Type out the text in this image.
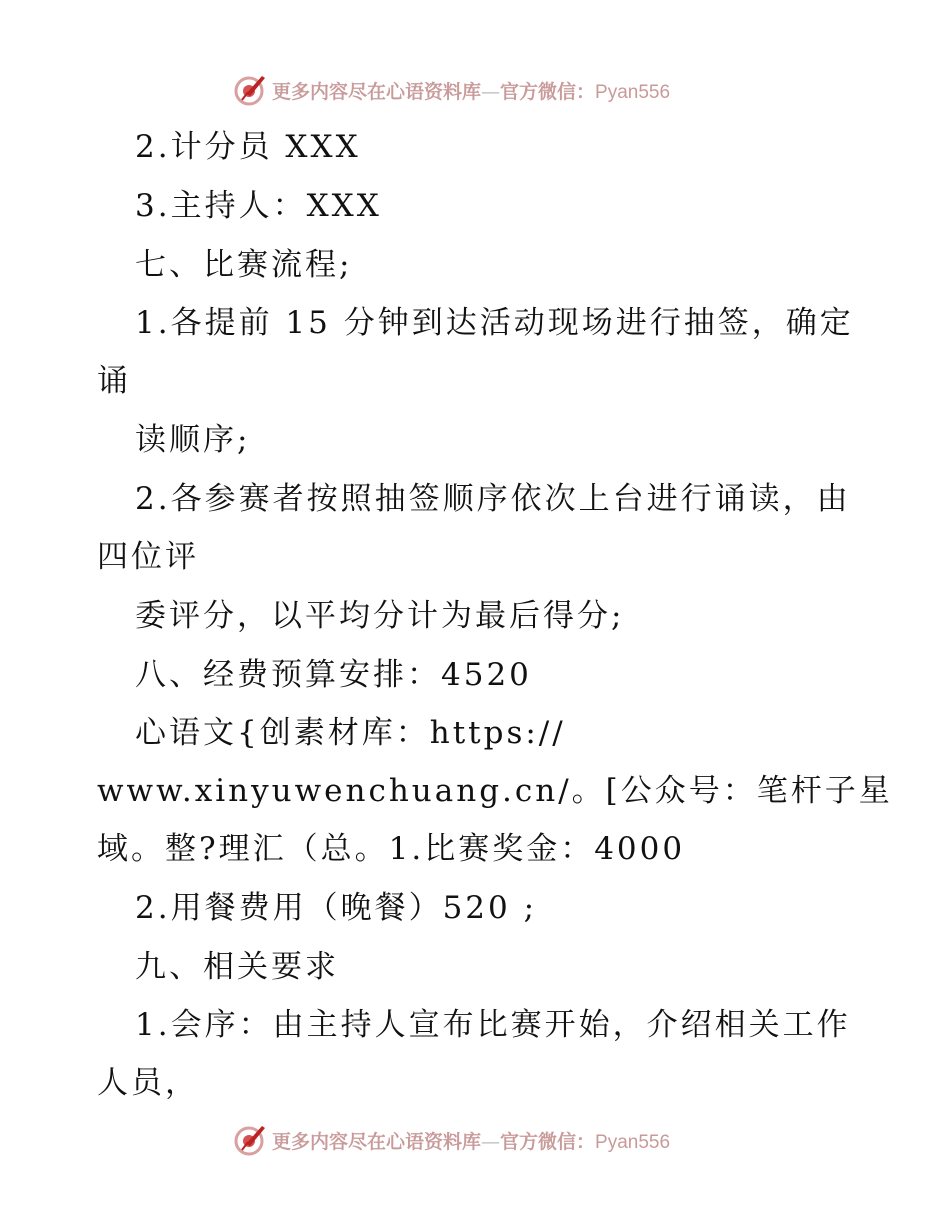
更多内容尽在心语资料库—官方微信：Pyan556
2.计分员 XXX
3.主持人：XXX
七、比赛流程;
1.各提前 15 分钟到达活动现场进行抽签，确定
诵
读顺序;
2.各参赛者按照抽签顺序依次上台进行诵读，由
四位评
委评分，以平均分计为最后得分;
八、经费预算安排：4520
心语文{创素材库：https://
www.xinyuwenchuang.cn/。[公众号：笔杆子星
域。整?理汇（总。1.比赛奖金：4000
2.用餐费用（晚餐）520 ;
九、相关要求
1.会序：由主持人宣布比赛开始，介绍相关工作
人员，
更多内容尽在心语资料库—官方微信：Pyan556
